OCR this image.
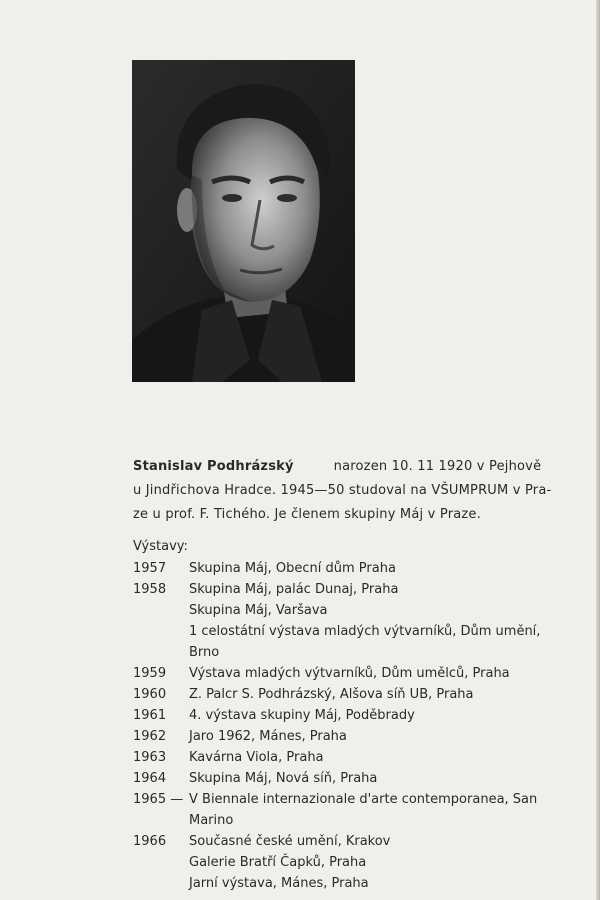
Stanislav Podhrázský	narozen 10. 11 1920 v Pejhově
u Jindřichova Hradce. 1945—50 studoval na VŠUMPRUM v Pra-
ze u prof. F. Tichého. Je členem skupiny Máj v Praze.
Výstavy:
1957	Skupina Máj, Obecní dům Praha
1958	Skupina Máj, palác Dunaj, Praha
Skupina Máj, Varšava
1 celostátní výstava mladých výtvarníků, Dům umění, Brno
1959	Výstava mladých výtvarníků, Dům umělců, Praha
1960	Z. Palcr S. Podhrázský, Alšova síň UB, Praha
1961	4. výstava skupiny Máj, Poděbrady
1962	Jaro 1962, Mánes, Praha
1963	Kavárna Viola, Praha
1964	Skupina Máj, Nová síň, Praha
1965 — V Biennale internazionale d'arte contemporanea, San Marino
1966	Současné české umění, Krakov
Galerie Bratří Čapků, Praha
Jarní výstava, Mánes, Praha
